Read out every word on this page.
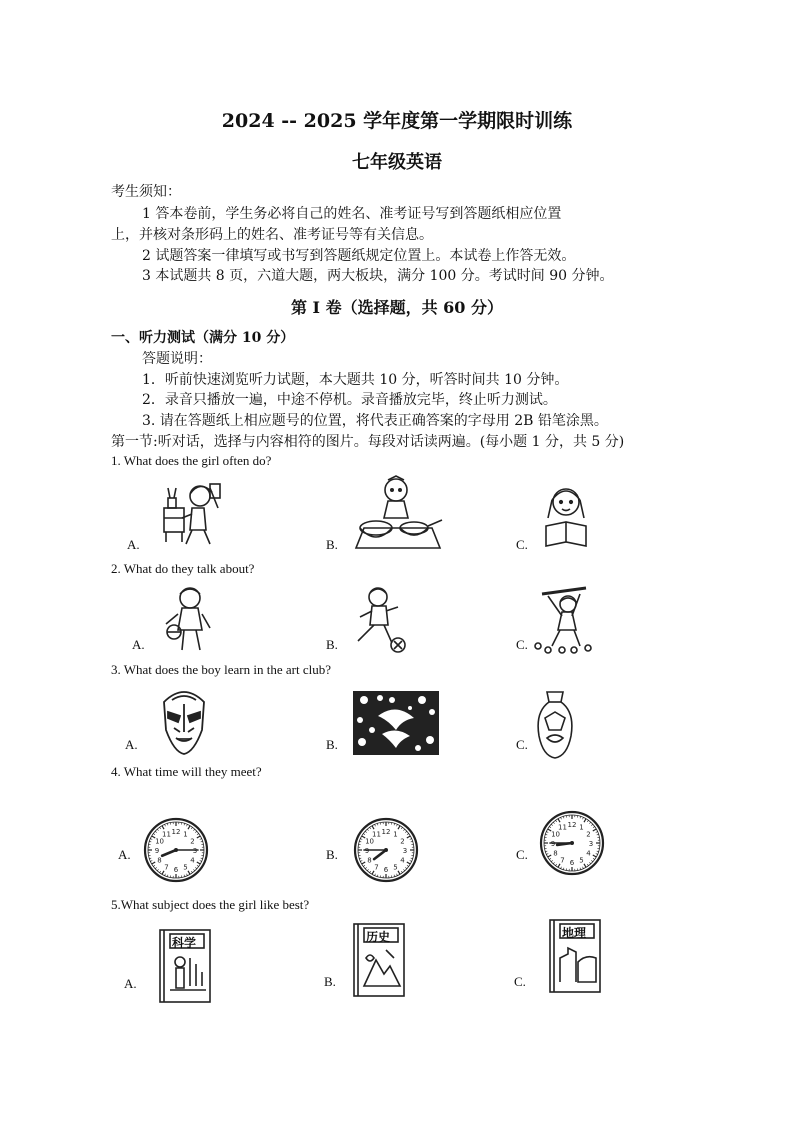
2024 -- 2025 学年度第一学期限时训练
七年级英语
考生须知：
1 答本卷前，学生务必将自己的姓名、准考证号写到答题纸相应位置
上，并核对条形码上的姓名、准考证号等有关信息。
2 试题答案一律填写或书写到答题纸规定位置上。本试卷上作答无效。
3 本试题共 8 页，六道大题，两大板块，满分 100 分。考试时间 90 分钟。
第 I 卷（选择题，共 60 分）
一、听力测试（满分 10 分）
答题说明：
1．听前快速浏览听力试题，本大题共 10 分，听答时间共 10 分钟。
2．录音只播放一遍，中途不停机。录音播放完毕，终止听力测试。
3. 请在答题纸上相应题号的位置，将代表正确答案的字母用 2B 铅笔涂黑。
第一节:听对话，选择与内容相符的图片。每段对话读两遍。(每小题 1 分，共 5 分)
1. What does the girl often do?
A.	B.	C.
2. What do they talk about?
A.	B.	C.
3. What does the boy learn in the art club?
A.	B.	C.
4. What time will they meet?
A.	B.	C.
1
2
3
4
5
6
7
8
9
10
11 12	1
2
3
4
5
6
7
8
9
10
11 12
1
2
3
4
5
6
7
8
9
10
11 12
5.What subject does the girl like best?
A.	B.	C.
科学	历史	地理
